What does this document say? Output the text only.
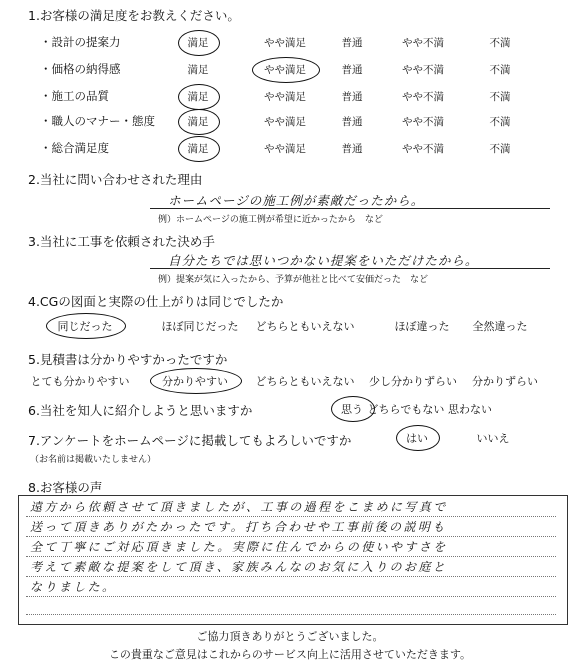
1.お客様の満足度をお教えください。
・設計の提案力	満足	やや満足	普通	やや不満	不満
・価格の納得感	満足	やや満足	普通	やや不満	不満
・施工の品質	満足	やや満足	普通	やや不満	不満
・職人のマナー・態度	満足	やや満足	普通	やや不満	不満
・総合満足度	満足	やや満足	普通	やや不満	不満
2.当社に問い合わせされた理由
ホームページの施工例が素敵だったから。
例）ホームページの施工例が希望に近かったから　など
3.当社に工事を依頼された決め手
自分たちでは思いつかない提案をいただけたから。
例）提案が気に入ったから、予算が他社と比べて安価だった　など
4.CGの図面と実際の仕上がりは同じでしたか
同じだった	ほぼ同じだった	どちらともいえない	ほぼ違った	全然違った
5.見積書は分かりやすかったですか
とても分かりやすい	分かりやすい	どちらともいえない	少し分かりずらい	分かりずらい
6.当社を知人に紹介しようと思いますか	思う どちらでもない 思わない
7.アンケートをホームページに掲載してもよろしいですか
（お名前は掲載いたしません）
はい	いいえ
8.お客様の声
遠方から依頼させて頂きましたが、工事の過程をこまめに写真で
送って頂きありがたかったです。打ち合わせや工事前後の説明も
全て丁寧にご対応頂きました。実際に住んでからの使いやすさを
考えて素敵な提案をして頂き、家族みんなのお気に入りのお庭と
なりました。
ご協力頂きありがとうございました。
この貴重なご意見はこれからのサービス向上に活用させていただきます。
